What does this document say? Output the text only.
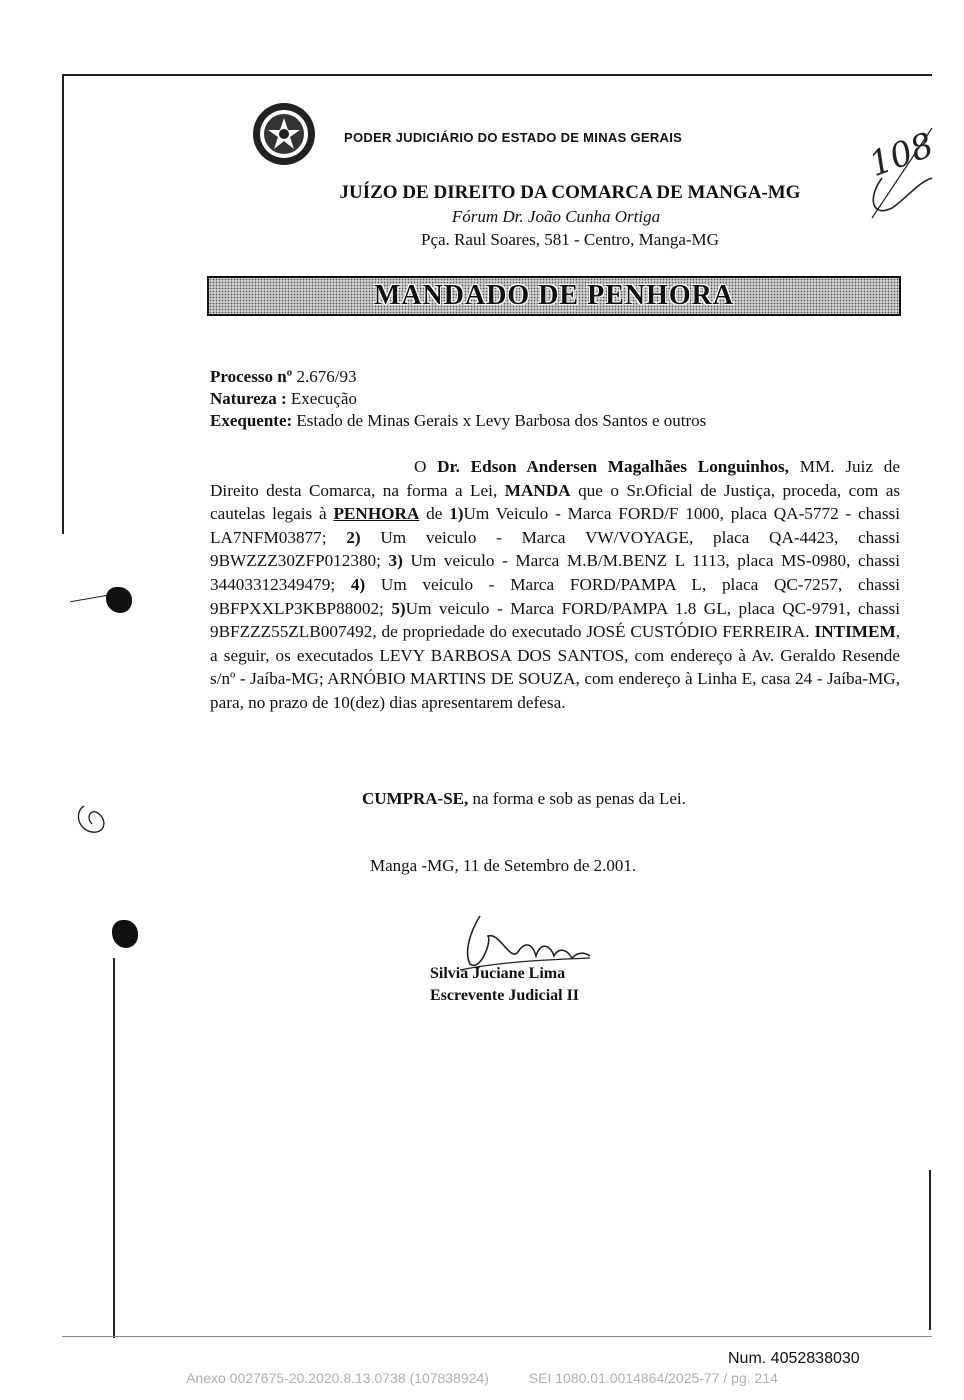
PODER JUDICIÁRIO DO ESTADO DE MINAS GERAIS
JUÍZO DE DIREITO DA COMARCA DE MANGA-MG
Fórum Dr. João Cunha Ortiga
Pça. Raul Soares, 581 - Centro, Manga-MG
MANDADO DE PENHORA
Processo nº 2.676/93
Natureza : Execução
Exequente: Estado de Minas Gerais x Levy Barbosa dos Santos e outros
O Dr. Edson Andersen Magalhães Longuinhos, MM. Juiz de Direito desta Comarca, na forma a Lei, MANDA que o Sr.Oficial de Justiça, proceda, com as cautelas legais à PENHORA de 1)Um Veiculo - Marca FORD/F 1000, placa QA-5772 - chassi LA7NFM03877; 2) Um veiculo - Marca VW/VOYAGE, placa QA-4423, chassi 9BWZZZ30ZFP012380; 3) Um veiculo - Marca M.B/M.BENZ L 1113, placa MS-0980, chassi 34403312349479; 4) Um veiculo - Marca FORD/PAMPA L, placa QC-7257, chassi 9BFPXXLP3KBP88002; 5)Um veiculo - Marca FORD/PAMPA 1.8 GL, placa QC-9791, chassi 9BFZZZ55ZLB007492, de propriedade do executado JOSÉ CUSTÓDIO FERREIRA. INTIMEM, a seguir, os executados LEVY BARBOSA DOS SANTOS, com endereço à Av. Geraldo Resende s/nº - Jaíba-MG; ARNÓBIO MARTINS DE SOUZA, com endereço à Linha E, casa 24 - Jaíba-MG, para, no prazo de 10(dez) dias apresentarem defesa.
CUMPRA-SE, na forma e sob as penas da Lei.
Manga -MG, 11 de Setembro de 2.001.
Silvia Juciane Lima
Escrevente Judicial II
108
Num. 4052838030
Anexo 0027675-20.2020.8.13.0738 (107838924)	SEI 1080.01.0014864/2025-77 / pg. 214
